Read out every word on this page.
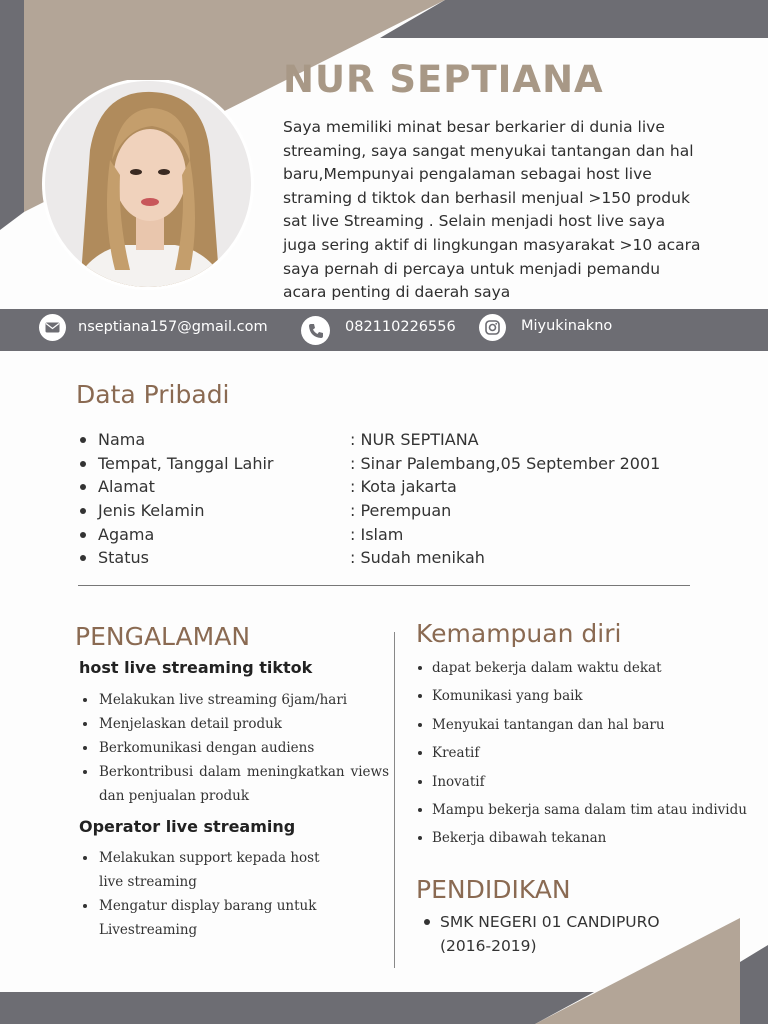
NUR SEPTIANA

Saya memiliki minat besar berkarier di dunia live streaming, saya sangat menyukai tantangan dan hal baru,Mempunyai pengalaman sebagai host live straming d tiktok dan berhasil menjual >150 produk sat live Streaming . Selain menjadi host live saya juga sering aktif di lingkungan masyarakat >10 acara saya pernah di percaya untuk menjadi pemandu acara penting di daerah saya

nseptiana157@gmail.com	082110226556	Miyukinakno
Data Pribadi
Nama	: NUR SEPTIANA
Tempat, Tanggal Lahir	: Sinar Palembang,05 September 2001
Alamat	: Kota jakarta
Jenis Kelamin	: Perempuan
Agama	: Islam
Status	: Sudah menikah
PENGALAMAN
host live streaming tiktok
Melakukan live streaming 6jam/hari
Menjelaskan detail produk
Berkomunikasi dengan audiens
Berkontribusi dalam meningkatkan views dan penjualan produk
Operator live streaming
Melakukan support kepada host live streaming
Mengatur display barang untuk Livestreaming
Kemampuan diri
dapat bekerja dalam waktu dekat
Komunikasi yang baik
Menyukai tantangan dan hal baru
Kreatif
Inovatif
Mampu bekerja sama dalam tim atau individu
Bekerja dibawah tekanan
PENDIDIKAN
SMK NEGERI 01 CANDIPURO
(2016-2019)
